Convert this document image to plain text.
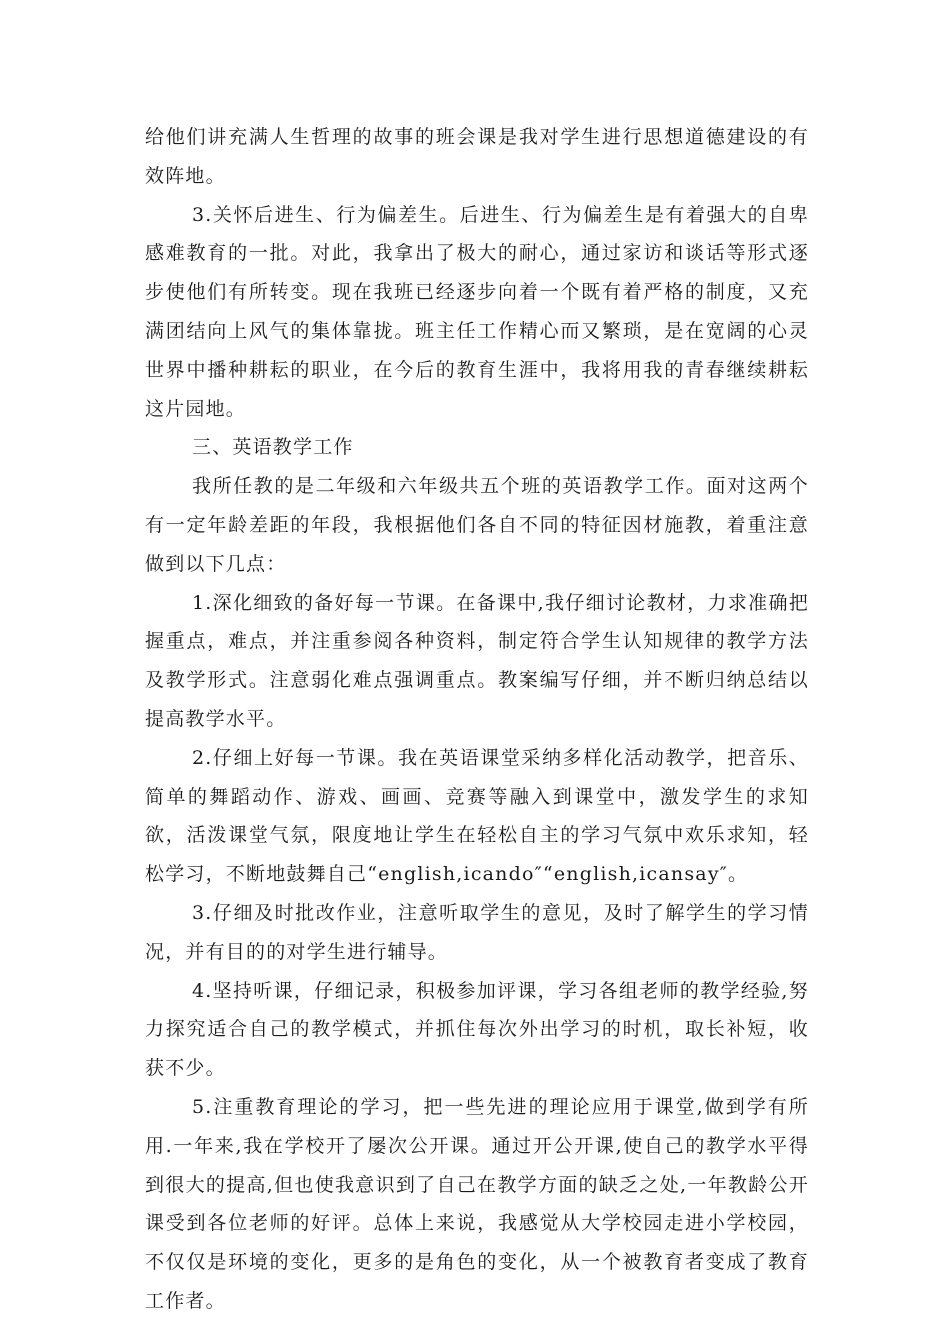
给他们讲充满人生哲理的故事的班会课是我对学生进行思想道德建设的有效阵地。

3.关怀后进生、行为偏差生。后进生、行为偏差生是有着强大的自卑感难教育的一批。对此，我拿出了极大的耐心，通过家访和谈话等形式逐步使他们有所转变。现在我班已经逐步向着一个既有着严格的制度，又充满团结向上风气的集体靠拢。班主任工作精心而又繁琐，是在宽阔的心灵世界中播种耕耘的职业，在今后的教育生涯中，我将用我的青春继续耕耘这片园地。

三、英语教学工作

我所任教的是二年级和六年级共五个班的英语教学工作。面对这两个有一定年龄差距的年段，我根据他们各自不同的特征因材施教，着重注意做到以下几点：

1.深化细致的备好每一节课。在备课中,我仔细讨论教材，力求准确把握重点，难点，并注重参阅各种资料，制定符合学生认知规律的教学方法及教学形式。注意弱化难点强调重点。教案编写仔细，并不断归纳总结以提高教学水平。

2.仔细上好每一节课。我在英语课堂采纳多样化活动教学，把音乐、简单的舞蹈动作、游戏、画画、竞赛等融入到课堂中，激发学生的求知欲，活泼课堂气氛，限度地让学生在轻松自主的学习气氛中欢乐求知，轻松学习，不断地鼓舞自己“english,icando″“english,icansay″。

3.仔细及时批改作业，注意听取学生的意见，及时了解学生的学习情况，并有目的的对学生进行辅导。

4.坚持听课，仔细记录，积极参加评课，学习各组老师的教学经验,努力探究适合自己的教学模式，并抓住每次外出学习的时机，取长补短，收获不少。

5.注重教育理论的学习，把一些先进的理论应用于课堂,做到学有所用.一年来,我在学校开了屡次公开课。通过开公开课,使自己的教学水平得到很大的提高,但也使我意识到了自己在教学方面的缺乏之处,一年教龄公开课受到各位老师的好评。总体上来说，我感觉从大学校园走进小学校园，不仅仅是环境的变化，更多的是角色的变化，从一个被教育者变成了教育工作者。
